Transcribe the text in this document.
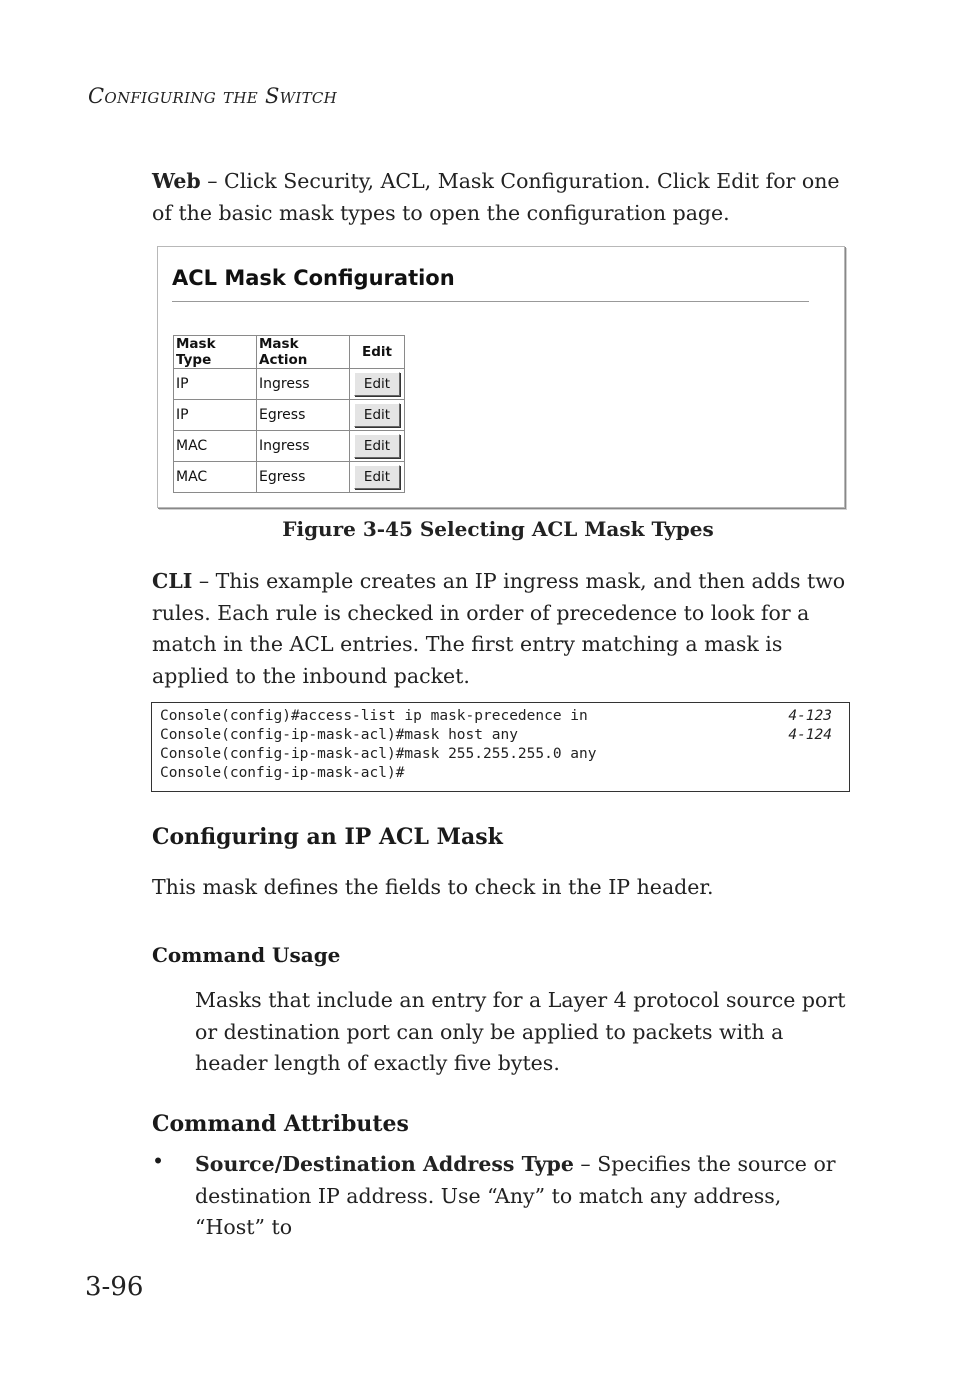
Configuring the Switch
Web – Click Security, ACL, Mask Configuration. Click Edit for one of the basic mask types to open the configuration page.
ACL Mask Configuration
Mask Type	Mask Action	Edit
IP	Ingress	Edit
IP	Egress	Edit
MAC	Ingress	Edit
MAC	Egress	Edit
Figure 3-45 Selecting ACL Mask Types
CLI – This example creates an IP ingress mask, and then adds two rules. Each rule is checked in order of precedence to look for a match in the ACL entries. The first entry matching a mask is applied to the inbound packet.
Console(config)#access-list ip mask-precedence in	4-123
Console(config-ip-mask-acl)#mask host any	4-124
Console(config-ip-mask-acl)#mask 255.255.255.0 any
Console(config-ip-mask-acl)#
Configuring an IP ACL Mask
This mask defines the fields to check in the IP header.
Command Usage
Masks that include an entry for a Layer 4 protocol source port or destination port can only be applied to packets with a header length of exactly five bytes.
Command Attributes
• Source/Destination Address Type – Specifies the source or destination IP address. Use “Any” to match any address, “Host” to
3-96
